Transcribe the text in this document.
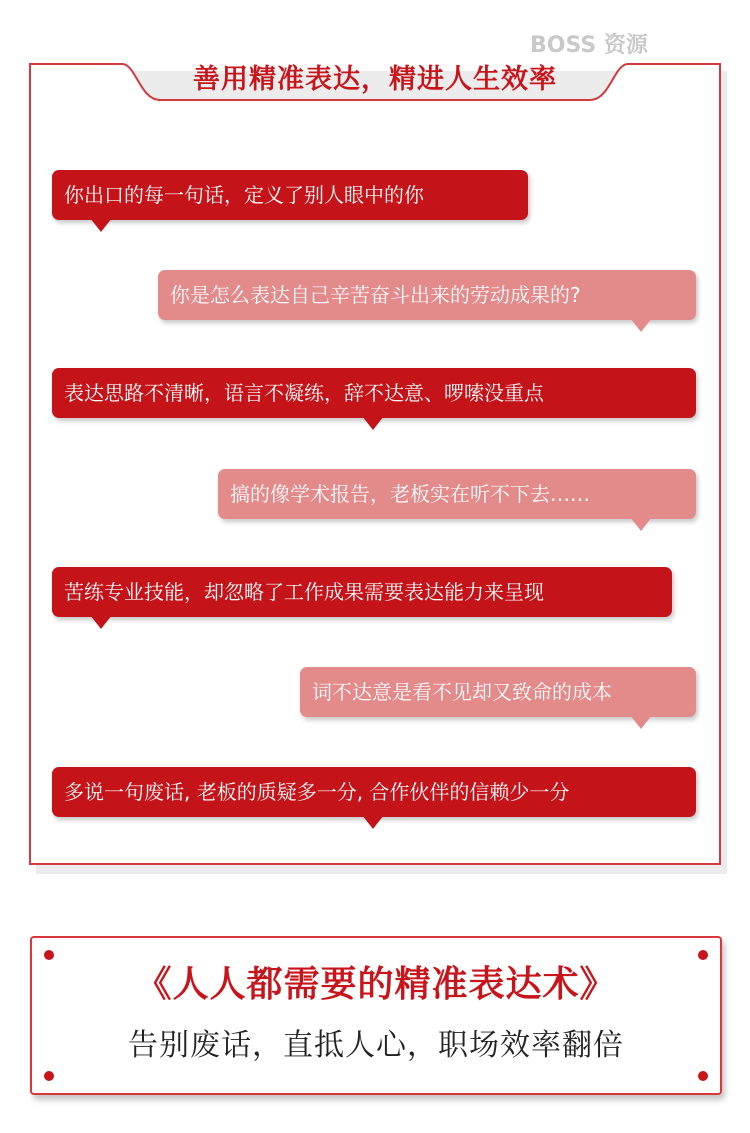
BOSS 资源
善用精准表达，精进人生效率
你出口的每一句话，定义了别人眼中的你
你是怎么表达自己辛苦奋斗出来的劳动成果的?
表达思路不清晰，语言不凝练，辞不达意、啰嗦没重点
搞的像学术报告，老板实在听不下去……
苦练专业技能，却忽略了工作成果需要表达能力来呈现
词不达意是看不见却又致命的成本
多说一句废话, 老板的质疑多一分, 合作伙伴的信赖少一分
《人人都需要的精准表达术》
告别废话，直抵人心，职场效率翻倍
